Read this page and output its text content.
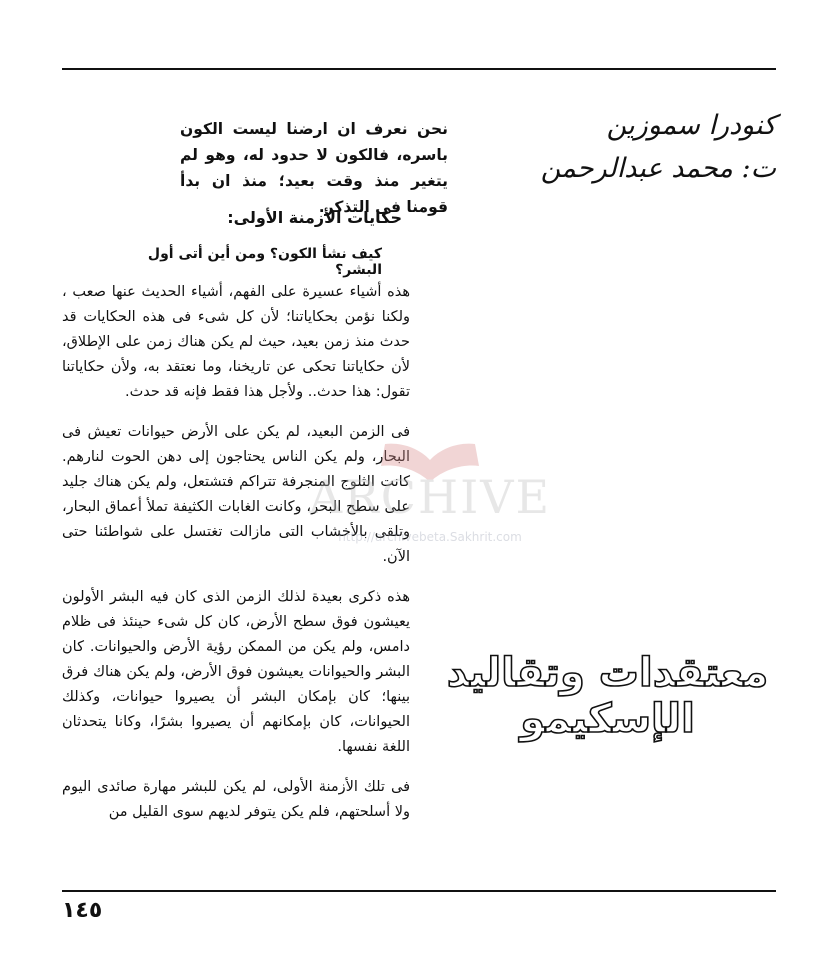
كنودرا سموزين
ت: محمد عبدالرحمن
نحن نعرف ان ارضنا ليست الكون باسره، فالكون لا حدود له، وهو لم يتغير منذ وقت بعيد؛ منذ ان بدأ قومنا فى التذكر.
حكايات الأزمنة الأولى:
كيف نشأ الكون؟ ومن أين أتى أول البشر؟

هذه أشياء عسيرة على الفهم، أشياء الحديث عنها صعب ، ولكنا نؤمن بحكاياتنا؛ لأن كل شىء فى هذه الحكايات قد حدث منذ زمن بعيد، حيث لم يكن هناك زمن على الإطلاق، لأن حكاياتنا تحكى عن تاريخنا، وما نعتقد به، ولأن حكاياتنا تقول: هذا حدث.. ولأجل هذا فقط فإنه قد حدث.

فى الزمن البعيد، لم يكن على الأرض حيوانات تعيش فى البحار، ولم يكن الناس يحتاجون إلى دهن الحوت لنارهم. كانت الثلوج المنجرفة تتراكم فتشتعل، ولم يكن هناك جليد على سطح البحر، وكانت الغابات الكثيفة تملأ أعماق البحار، وتلقى بالأخشاب التى مازالت تغتسل على شواطئنا حتى الآن.

هذه ذكرى بعيدة لذلك الزمن الذى كان فيه البشر الأولون يعيشون فوق سطح الأرض، كان كل شىء حينئذ فى ظلام دامس، ولم يكن من الممكن رؤية الأرض والحيوانات. كان البشر والحيوانات يعيشون فوق الأرض، ولم يكن هناك فرق بينها؛ كان بإمكان البشر أن يصيروا حيوانات، وكذلك الحيوانات، كان بإمكانهم أن يصيروا بشرًا، وكانا يتحدثان اللغة نفسها.

فى تلك الأزمنة الأولى، لم يكن للبشر مهارة صائدى اليوم ولا أسلحتهم، فلم يكن يتوفر لديهم سوى القليل من

معتقدات وتقاليد الإسكيمو
ARCHIVE
http://archivebeta.Sakhrit.com
١٤٥
